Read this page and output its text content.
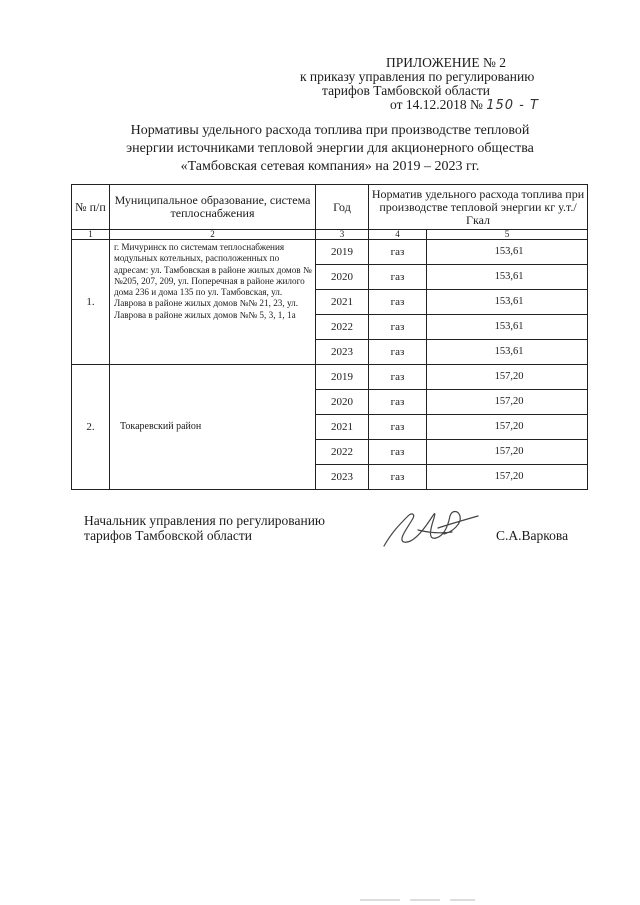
ПРИЛОЖЕНИЕ № 2
к приказу управления по регулированию
тарифов Тамбовской области
от 14.12.2018 № 150 - Т
Нормативы удельного расхода топлива при производстве тепловой
энергии источниками тепловой энергии для акционерного общества
«Тамбовская сетевая компания» на 2019 – 2023 гг.
№ п/п	Муниципальное образование, система теплоснабжения	Год	Норматив удельного расхода топлива при производстве тепловой энергии кг у.т./Гкал	
1	2	3	4	5
1.	г. Мичуринск по системам теплоснабжения модульных котельных, расположенных по адресам: ул. Тамбовская в районе жилых домов №№205, 207, 209, ул. Поперечная в районе жилого дома 236 и дома 135 по ул. Тамбовская, ул. Лаврова в районе жилых домов №№ 21, 23, ул. Лаврова в районе жилых домов №№ 5, 3, 1, 1а	2019	газ	153,61
		2020	газ	153,61
		2021	газ	153,61
		2022	газ	153,61
		2023	газ	153,61
2.	Токаревский район	2019	газ	157,20
		2020	газ	157,20
		2021	газ	157,20
		2022	газ	157,20
		2023	газ	157,20
Начальник управления по регулированию
тарифов Тамбовской области	С.А.Варкова
